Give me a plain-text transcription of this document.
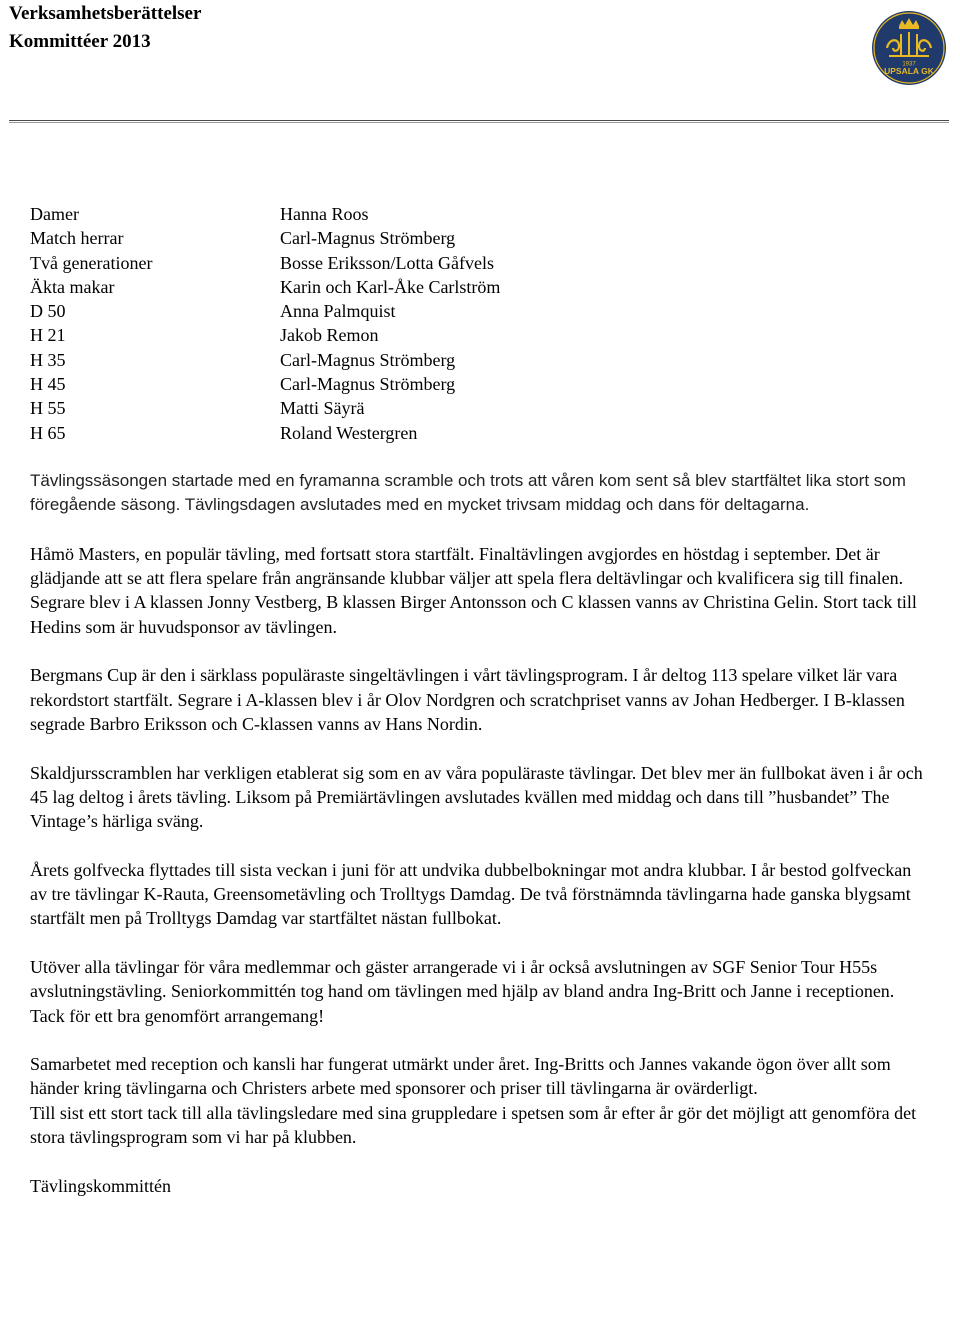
Verksamhetsberättelser
Kommittéer 2013
1937
UPSALA GK
Damer	Hanna Roos
Match herrar	Carl-Magnus Strömberg
Två generationer	Bosse Eriksson/Lotta Gåfvels
Äkta makar	Karin och Karl-Åke Carlström
D 50	Anna Palmquist
H 21	Jakob Remon
H 35	Carl-Magnus Strömberg
H 45	Carl-Magnus Strömberg
H 55	Matti Säyrä
H 65	Roland Westergren

Tävlingssäsongen startade med en fyramanna scramble och trots att våren kom sent så blev startfältet lika stort som föregående säsong. Tävlingsdagen avslutades med en mycket trivsam middag och dans för deltagarna.

Håmö Masters, en populär tävling, med fortsatt stora startfält. Finaltävlingen avgjordes en höstdag i september. Det är glädjande att se att flera spelare från angränsande klubbar väljer att spela flera deltävlingar och kvalificera sig till finalen. Segrare blev i A klassen Jonny Vestberg, B klassen Birger Antonsson och C klassen vanns av Christina Gelin. Stort tack till Hedins som är huvudsponsor av tävlingen.

Bergmans Cup är den i särklass populäraste singeltävlingen i vårt tävlingsprogram. I år deltog 113 spelare vilket lär vara rekordstort startfält. Segrare i A-klassen blev i år Olov Nordgren och scratchpriset vanns av Johan Hedberger. I B-klassen segrade Barbro Eriksson och C-klassen vanns av Hans Nordin.

Skaldjursscramblen har verkligen etablerat sig som en av våra populäraste tävlingar. Det blev mer än fullbokat även i år och 45 lag deltog i årets tävling. Liksom på Premiärtävlingen avslutades kvällen med middag och dans till ”husbandet” The Vintage’s härliga sväng.

Årets golfvecka flyttades till sista veckan i juni för att undvika dubbelbokningar mot andra klubbar. I år bestod golfveckan av tre tävlingar K-Rauta, Greensometävling och Trolltygs Damdag. De två förstnämnda tävlingarna hade ganska blygsamt startfält men på Trolltygs Damdag var startfältet nästan fullbokat.

Utöver alla tävlingar för våra medlemmar och gäster arrangerade vi i år också avslutningen av SGF Senior Tour H55s avslutningstävling. Seniorkommittén tog hand om tävlingen med hjälp av bland andra Ing-Britt och Janne i receptionen. Tack för ett bra genomfört arrangemang!

Samarbetet med reception och kansli har fungerat utmärkt under året. Ing-Britts och Jannes vakande ögon över allt som händer kring tävlingarna och Christers arbete med sponsorer och priser till tävlingarna är ovärderligt.

Till sist ett stort tack till alla tävlingsledare med sina gruppledare i spetsen som år efter år gör det möjligt att genomföra det stora tävlingsprogram som vi har på klubben.

Tävlingskommittén
